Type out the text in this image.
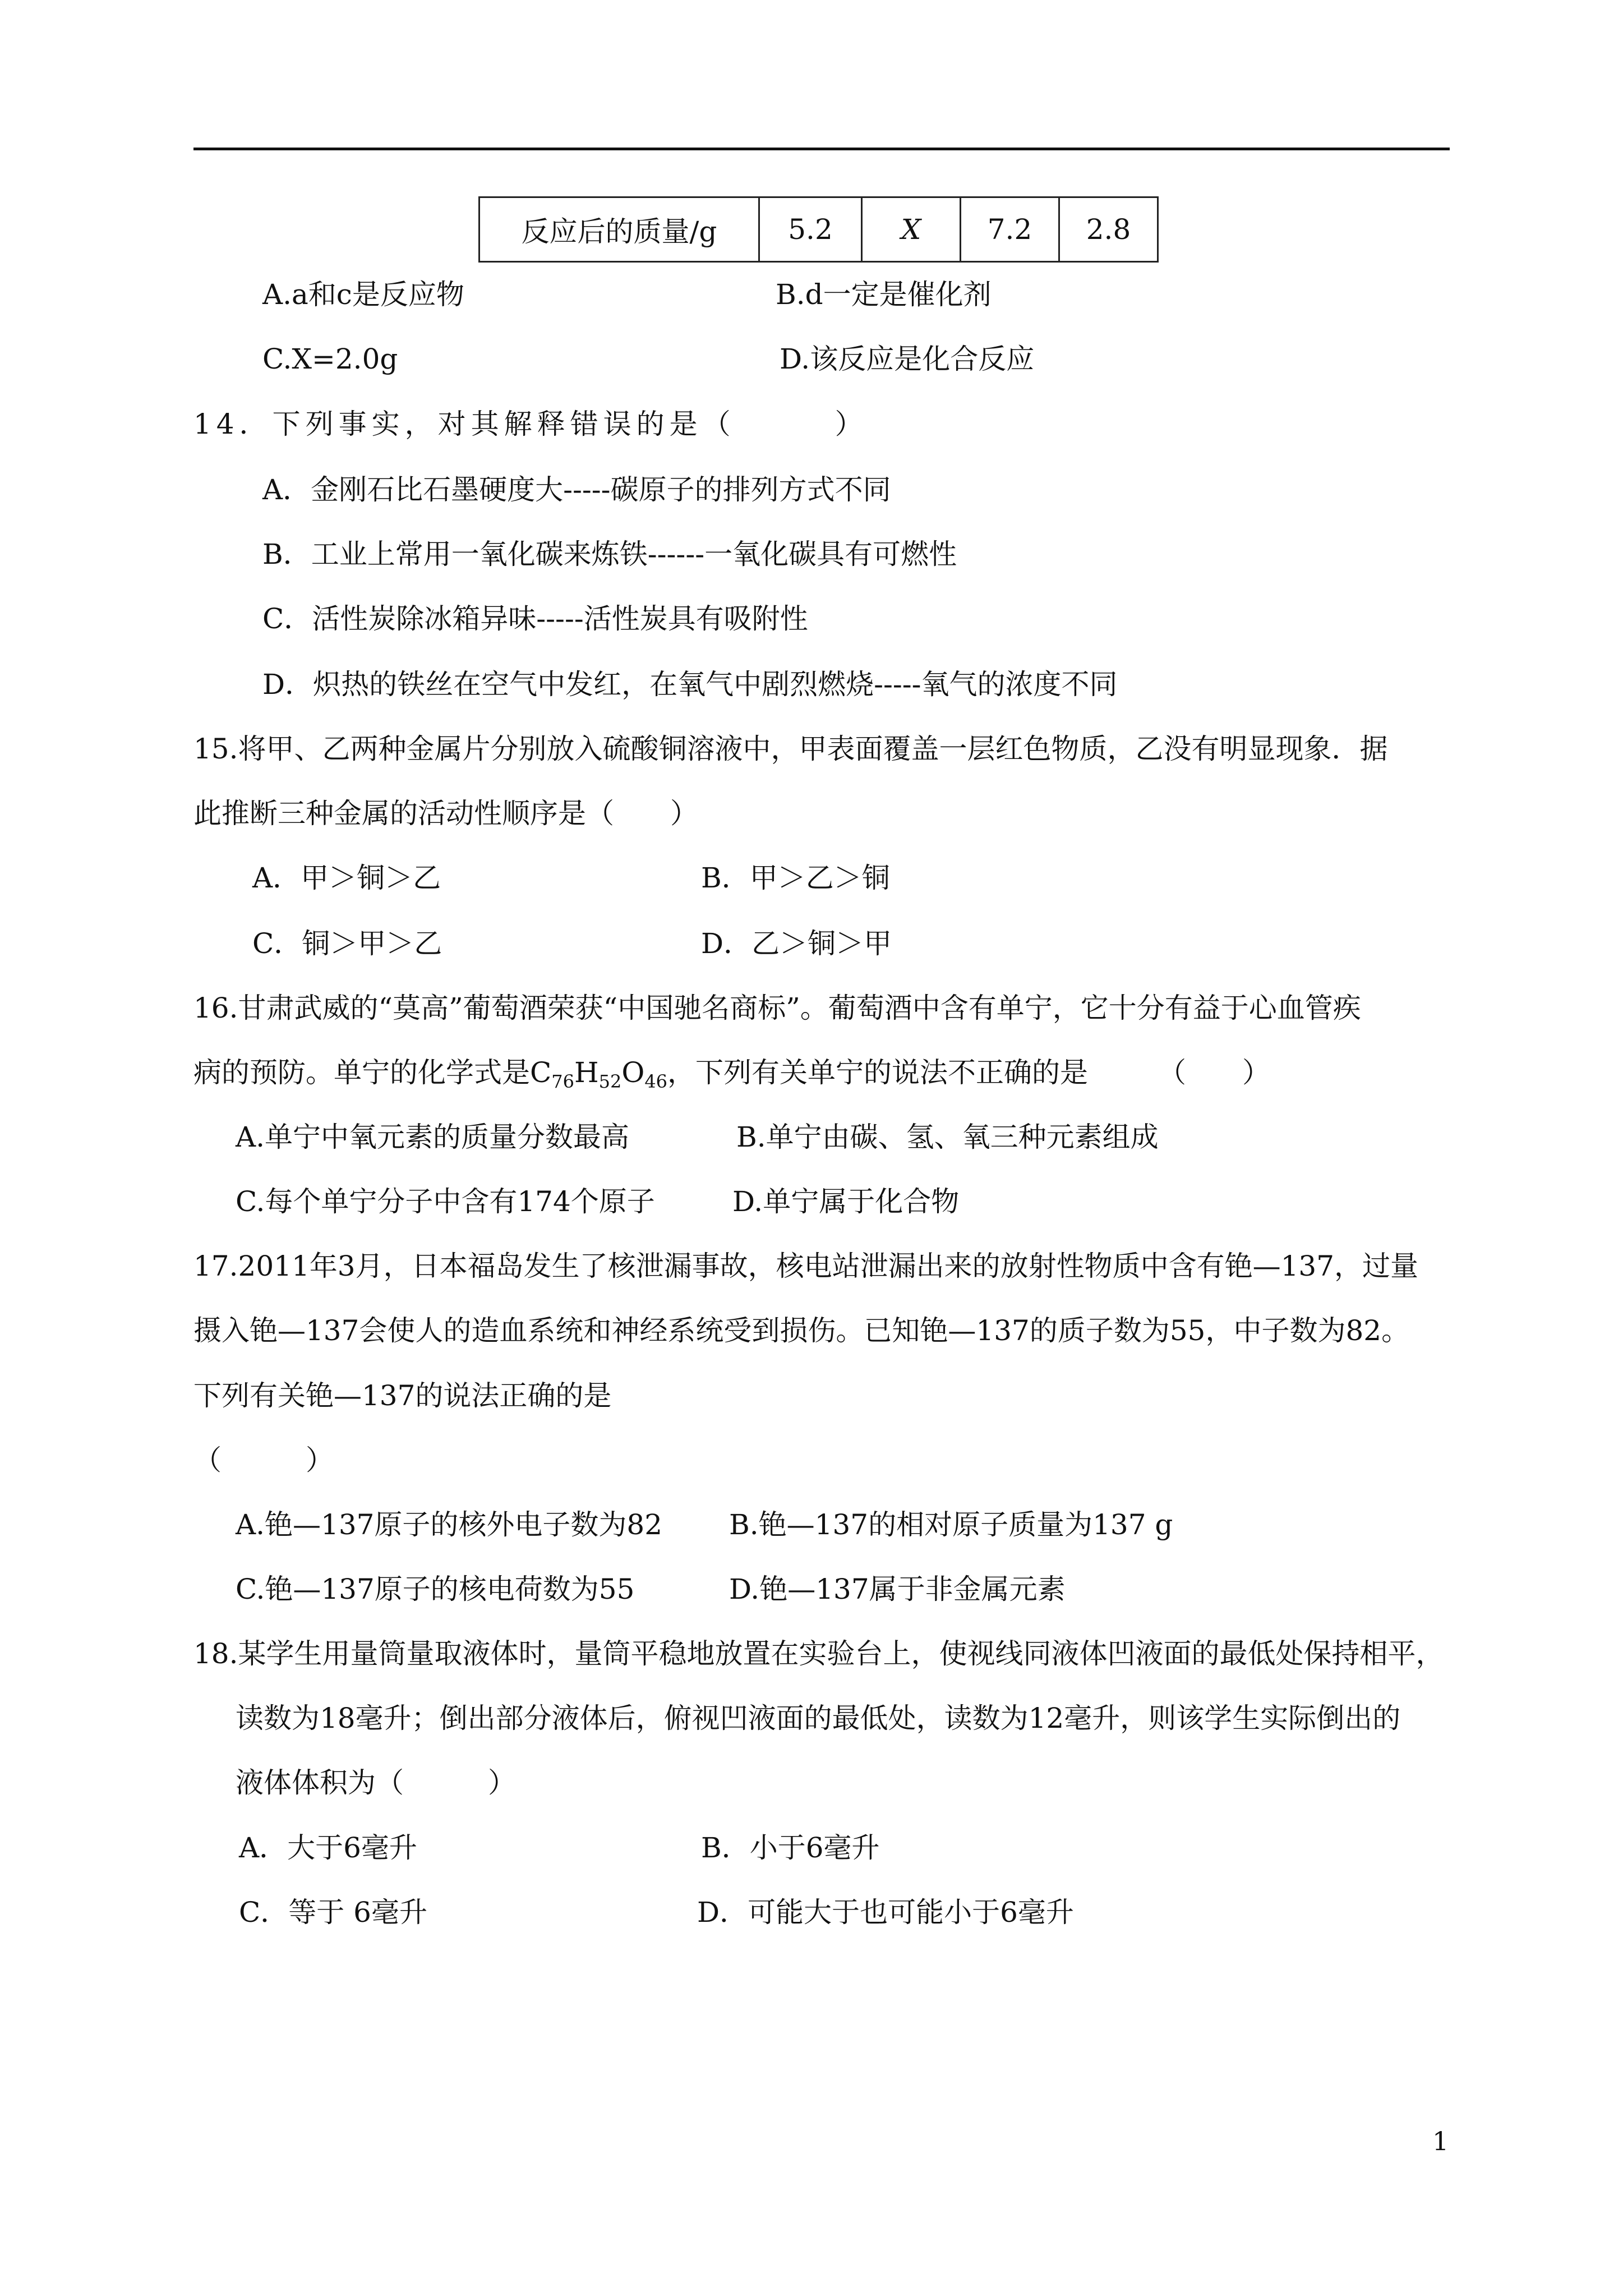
反应后的质量/g	5.2	X	7.2	2.8

A.a和c是反应物	B.d一定是催化剂

C.X=2.0g	D.该反应是化合反应

14．下列事实，对其解释错误的是（　　　）

A．金刚石比石墨硬度大-----碳原子的排列方式不同

B．工业上常用一氧化碳来炼铁------一氧化碳具有可燃性

C．活性炭除冰箱异味-----活性炭具有吸附性

D．炽热的铁丝在空气中发红，在氧气中剧烈燃烧-----氧气的浓度不同

15.将甲、乙两种金属片分别放入硫酸铜溶液中，甲表面覆盖一层红色物质，乙没有明显现象．据

此推断三种金属的活动性顺序是（　　）

A．甲＞铜＞乙	B．甲＞乙＞铜

C．铜＞甲＞乙	D．乙＞铜＞甲

16.甘肃武威的“莫高”葡萄酒荣获“中国驰名商标”。葡萄酒中含有单宁，它十分有益于心血管疾

病的预防。单宁的化学式是$C_{76}H_{52}O_{46}$，下列有关单宁的说法不正确的是　　　（　　）

A.单宁中氧元素的质量分数最高	B.单宁由碳、氢、氧三种元素组成

C.每个单宁分子中含有174个原子	D.单宁属于化合物

17.2011年3月，日本福岛发生了核泄漏事故，核电站泄漏出来的放射性物质中含有铯—137，过量

摄入铯—137会使人的造血系统和神经系统受到损伤。已知铯—137的质子数为55，中子数为82。

下列有关铯—137的说法正确的是

（　　　）

A.铯—137原子的核外电子数为82 B.铯—137的相对原子质量为137 g

C.铯—137原子的核电荷数为55	D.铯—137属于非金属元素

18.某学生用量筒量取液体时，量筒平稳地放置在实验台上，使视线同液体凹液面的最低处保持相平，

读数为18毫升；倒出部分液体后，俯视凹液面的最低处，读数为12毫升，则该学生实际倒出的

液体体积为（　　　）

A．大于6毫升	B．小于6毫升

C．等于 6毫升	D．可能大于也可能小于6毫升

1
